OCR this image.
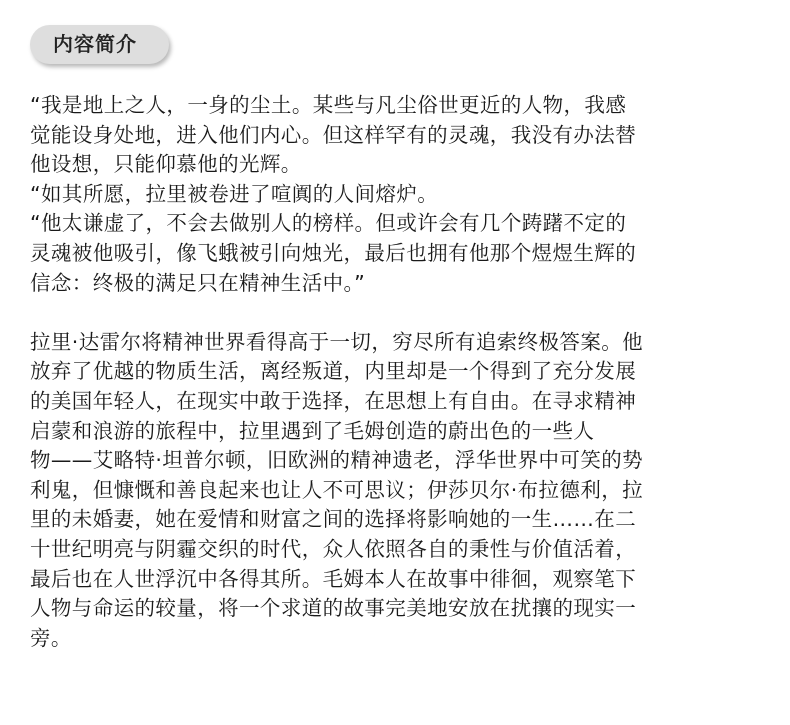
内容简介

“我是地上之人，一身的尘土。某些与凡尘俗世更近的人物，我感
觉能设身处地，进入他们内心。但这样罕有的灵魂，我没有办法替
他设想，只能仰慕他的光辉。

“如其所愿，拉里被卷进了喧阗的人间熔炉。

“他太谦虚了，不会去做别人的榜样。但或许会有几个踌躇不定的
灵魂被他吸引，像飞蛾被引向烛光，最后也拥有他那个煜煜生辉的
信念：终极的满足只在精神生活中。”

拉里·达雷尔将精神世界看得高于一切，穷尽所有追索终极答案。他
放弃了优越的物质生活，离经叛道，内里却是一个得到了充分发展
的美国年轻人，在现实中敢于选择，在思想上有自由。在寻求精神
启蒙和浪游的旅程中，拉里遇到了毛姆创造的蔚出色的一些人
物——艾略特·坦普尔顿，旧欧洲的精神遗老，浮华世界中可笑的势
利鬼，但慷慨和善良起来也让人不可思议；伊莎贝尔·布拉德利，拉
里的未婚妻，她在爱情和财富之间的选择将影响她的一生……在二
十世纪明亮与阴霾交织的时代，众人依照各自的秉性与价值活着，
最后也在人世浮沉中各得其所。毛姆本人在故事中徘徊，观察笔下
人物与命运的较量，将一个求道的故事完美地安放在扰攘的现实一
旁。
